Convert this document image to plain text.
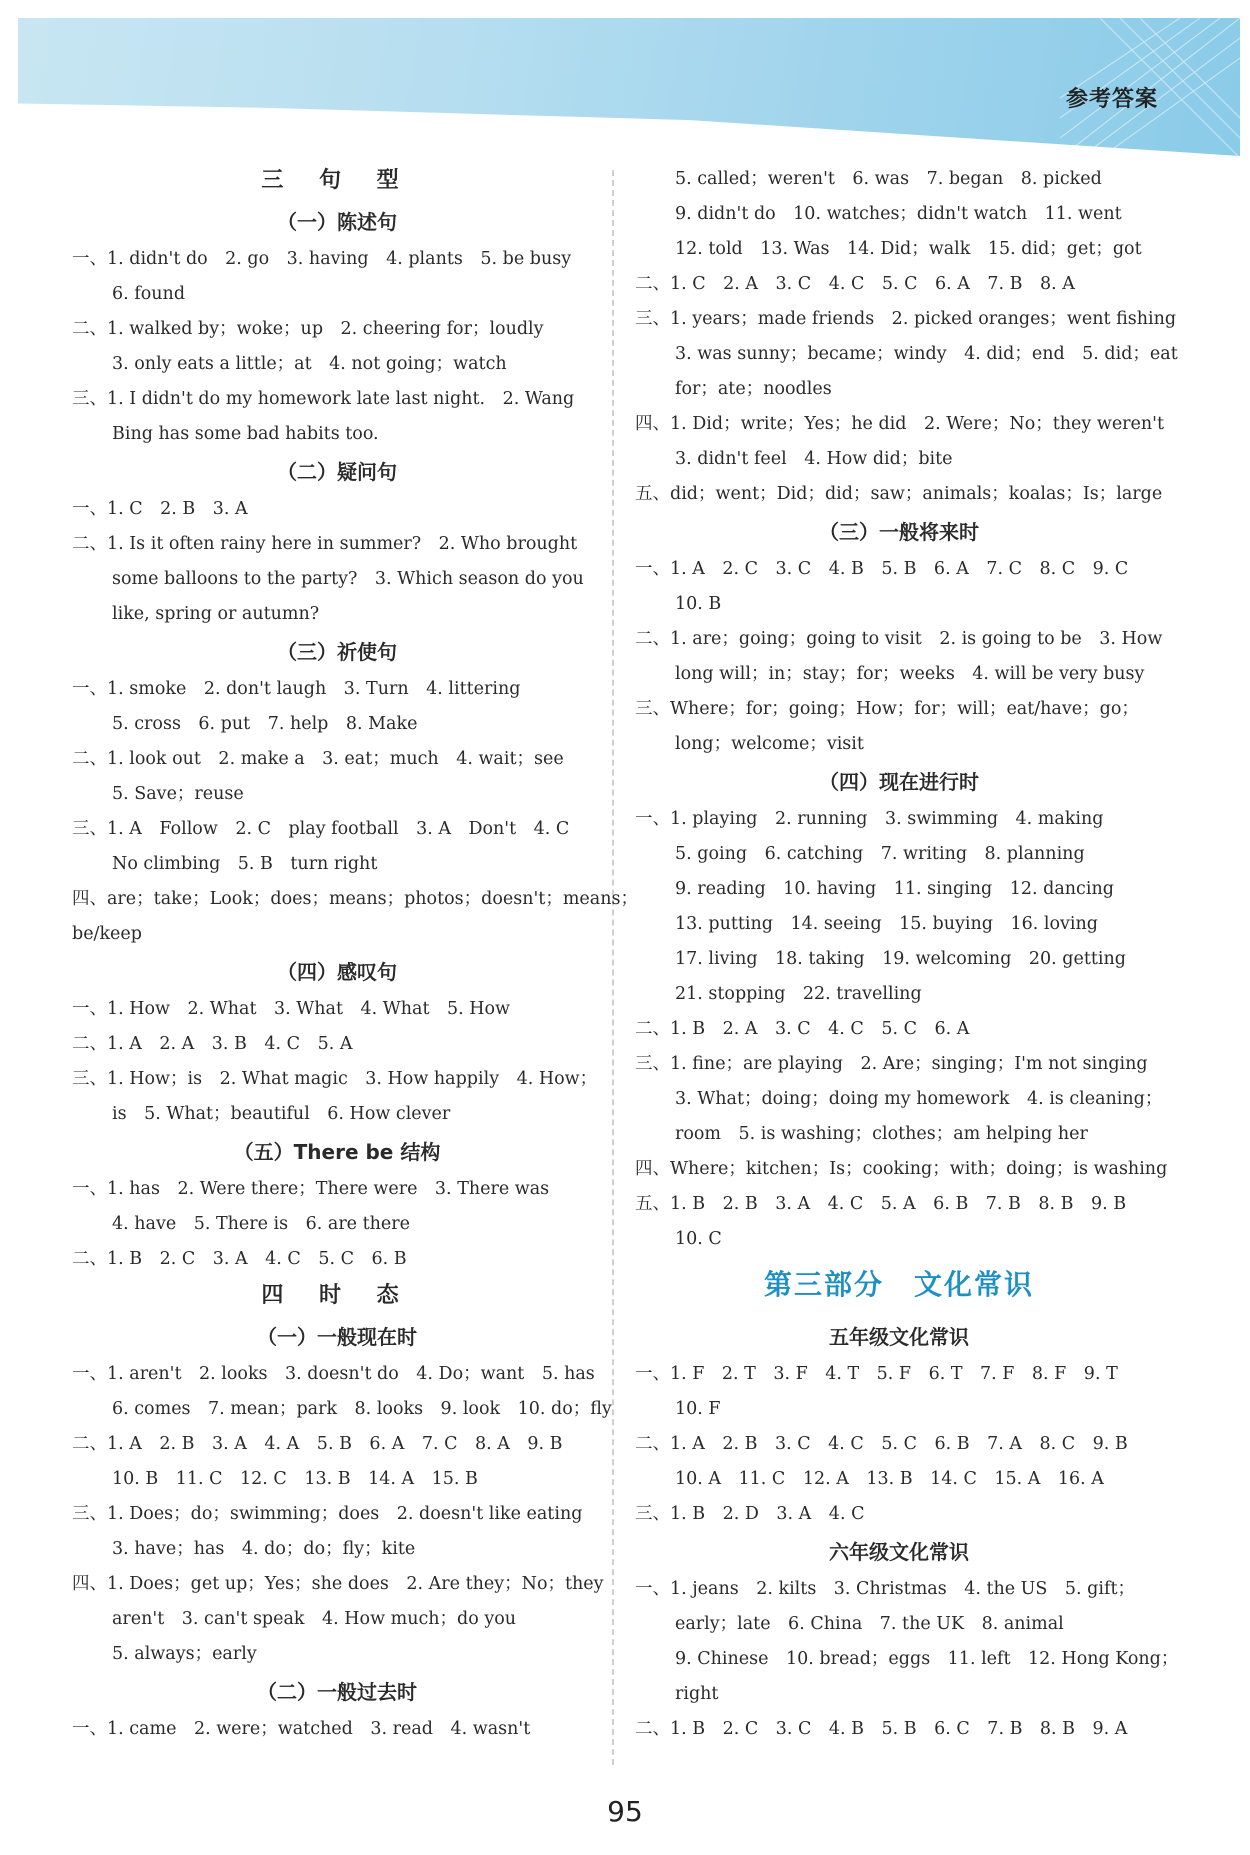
参考答案
三 句 型
（一）陈述句
一、1. didn't do　2. go　3. having　4. plants　5. be busy
6. found
二、1. walked by；woke；up　2. cheering for；loudly
3. only eats a little；at　4. not going；watch
三、1. I didn't do my homework late last night.　2. Wang
Bing has some bad habits too.
（二）疑问句
一、1. C　2. B　3. A
二、1. Is it often rainy here in summer?　2. Who brought
some balloons to the party?　3. Which season do you
like, spring or autumn?
（三）祈使句
一、1. smoke　2. don't laugh　3. Turn　4. littering
5. cross　6. put　7. help　8. Make
二、1. look out　2. make a　3. eat；much　4. wait；see
5. Save；reuse
三、1. A　Follow　2. C　play football　3. A　Don't　4. C
No climbing　5. B　turn right
四、are；take；Look；does；means；photos；doesn't；means；
be/keep
（四）感叹句
一、1. How　2. What　3. What　4. What　5. How
二、1. A　2. A　3. B　4. C　5. A
三、1. How；is　2. What magic　3. How happily　4. How；
is　5. What；beautiful　6. How clever
（五）There be 结构
一、1. has　2. Were there；There were　3. There was
4. have　5. There is　6. are there
二、1. B　2. C　3. A　4. C　5. C　6. B
四 时 态
（一）一般现在时
一、1. aren't　2. looks　3. doesn't do　4. Do；want　5. has
6. comes　7. mean；park　8. looks　9. look　10. do；fly
二、1. A　2. B　3. A　4. A　5. B　6. A　7. C　8. A　9. B
10. B　11. C　12. C　13. B　14. A　15. B
三、1. Does；do；swimming；does　2. doesn't like eating
3. have；has　4. do；do；fly；kite
四、1. Does；get up；Yes；she does　2. Are they；No；they
aren't　3. can't speak　4. How much；do you
5. always；early
（二）一般过去时
一、1. came　2. were；watched　3. read　4. wasn't
5. called；weren't　6. was　7. began　8. picked
9. didn't do　10. watches；didn't watch　11. went
12. told　13. Was　14. Did；walk　15. did；get；got
二、1. C　2. A　3. C　4. C　5. C　6. A　7. B　8. A
三、1. years；made friends　2. picked oranges；went fishing
3. was sunny；became；windy　4. did；end　5. did；eat
for；ate；noodles
四、1. Did；write；Yes；he did　2. Were；No；they weren't
3. didn't feel　4. How did；bite
五、did；went；Did；did；saw；animals；koalas；Is；large
（三）一般将来时
一、1. A　2. C　3. C　4. B　5. B　6. A　7. C　8. C　9. C
10. B
二、1. are；going；going to visit　2. is going to be　3. How
long will；in；stay；for；weeks　4. will be very busy
三、Where；for；going；How；for；will；eat/have；go；
long；welcome；visit
（四）现在进行时
一、1. playing　2. running　3. swimming　4. making
5. going　6. catching　7. writing　8. planning
9. reading　10. having　11. singing　12. dancing
13. putting　14. seeing　15. buying　16. loving
17. living　18. taking　19. welcoming　20. getting
21. stopping　22. travelling
二、1. B　2. A　3. C　4. C　5. C　6. A
三、1. fine；are playing　2. Are；singing；I'm not singing
3. What；doing；doing my homework　4. is cleaning；
room　5. is washing；clothes；am helping her
四、Where；kitchen；Is；cooking；with；doing；is washing
五、1. B　2. B　3. A　4. C　5. A　6. B　7. B　8. B　9. B
10. C
第三部分　文化常识
五年级文化常识
一、1. F　2. T　3. F　4. T　5. F　6. T　7. F　8. F　9. T
10. F
二、1. A　2. B　3. C　4. C　5. C　6. B　7. A　8. C　9. B
10. A　11. C　12. A　13. B　14. C　15. A　16. A
三、1. B　2. D　3. A　4. C
六年级文化常识
一、1. jeans　2. kilts　3. Christmas　4. the US　5. gift；
early；late　6. China　7. the UK　8. animal
9. Chinese　10. bread；eggs　11. left　12. Hong Kong；
right
二、1. B　2. C　3. C　4. B　5. B　6. C　7. B　8. B　9. A
95
